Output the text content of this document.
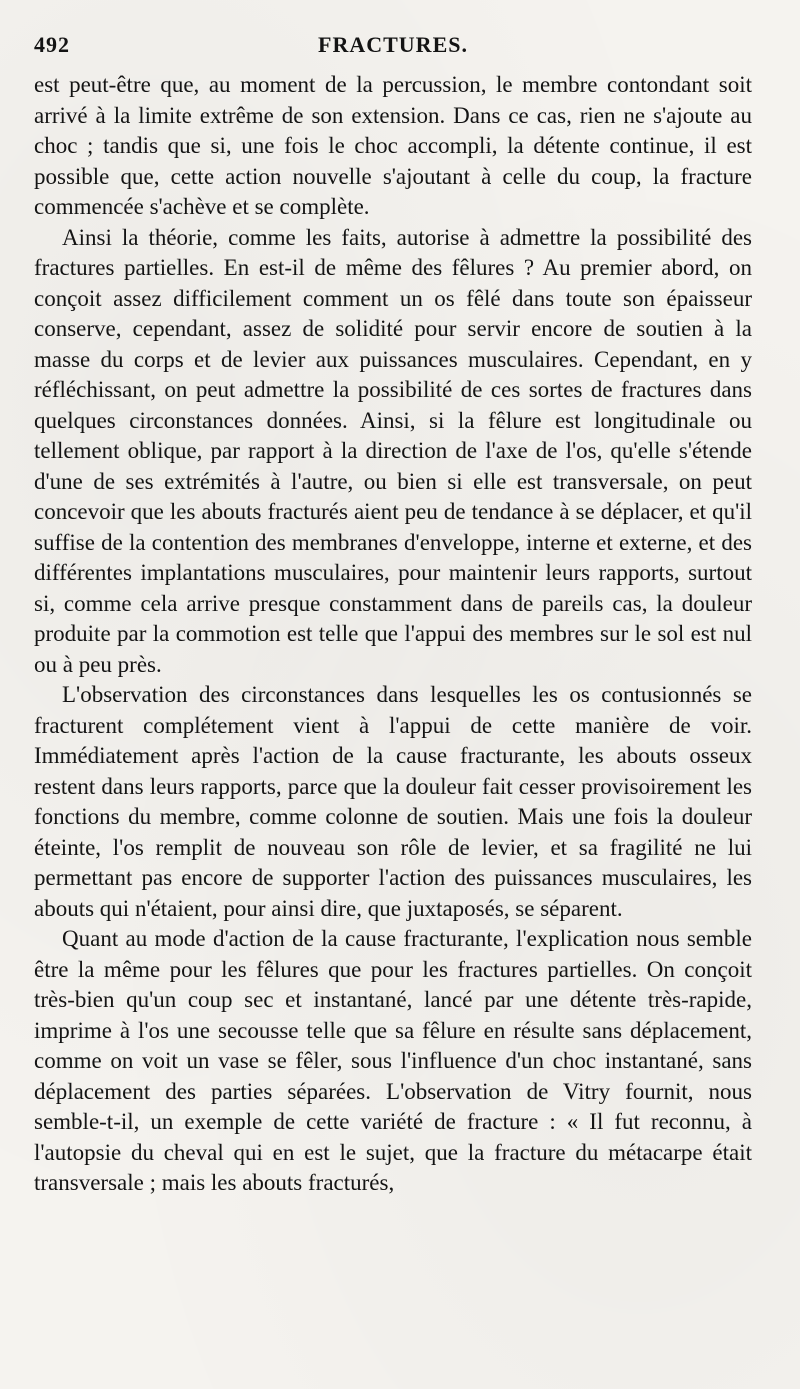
492	FRACTURES.

est peut-être que, au moment de la percussion, le membre contondant soit arrivé à la limite extrême de son extension. Dans ce cas, rien ne s'ajoute au choc ; tandis que si, une fois le choc accompli, la détente continue, il est possible que, cette action nouvelle s'ajoutant à celle du coup, la fracture commencée s'achève et se complète.

Ainsi la théorie, comme les faits, autorise à admettre la possibilité des fractures partielles. En est-il de même des fêlures ? Au premier abord, on conçoit assez difficilement comment un os fêlé dans toute son épaisseur conserve, cependant, assez de solidité pour servir encore de soutien à la masse du corps et de levier aux puissances musculaires. Cependant, en y réfléchissant, on peut admettre la possibilité de ces sortes de fractures dans quelques circonstances données. Ainsi, si la fêlure est longitudinale ou tellement oblique, par rapport à la direction de l'axe de l'os, qu'elle s'étende d'une de ses extrémités à l'autre, ou bien si elle est transversale, on peut concevoir que les abouts fracturés aient peu de tendance à se déplacer, et qu'il suffise de la contention des membranes d'enveloppe, interne et externe, et des différentes implantations musculaires, pour maintenir leurs rapports, surtout si, comme cela arrive presque constamment dans de pareils cas, la douleur produite par la commotion est telle que l'appui des membres sur le sol est nul ou à peu près.

L'observation des circonstances dans lesquelles les os contusionnés se fracturent complétement vient à l'appui de cette manière de voir. Immédiatement après l'action de la cause fracturante, les abouts osseux restent dans leurs rapports, parce que la douleur fait cesser provisoirement les fonctions du membre, comme colonne de soutien. Mais une fois la douleur éteinte, l'os remplit de nouveau son rôle de levier, et sa fragilité ne lui permettant pas encore de supporter l'action des puissances musculaires, les abouts qui n'étaient, pour ainsi dire, que juxtaposés, se séparent.

Quant au mode d'action de la cause fracturante, l'explication nous semble être la même pour les fêlures que pour les fractures partielles. On conçoit très-bien qu'un coup sec et instantané, lancé par une détente très-rapide, imprime à l'os une secousse telle que sa fêlure en résulte sans déplacement, comme on voit un vase se fêler, sous l'influence d'un choc instantané, sans déplacement des parties séparées. L'observation de Vitry fournit, nous semble-t-il, un exemple de cette variété de fracture : « Il fut reconnu, à l'autopsie du cheval qui en est le sujet, que la fracture du métacarpe était transversale ; mais les abouts fracturés,
